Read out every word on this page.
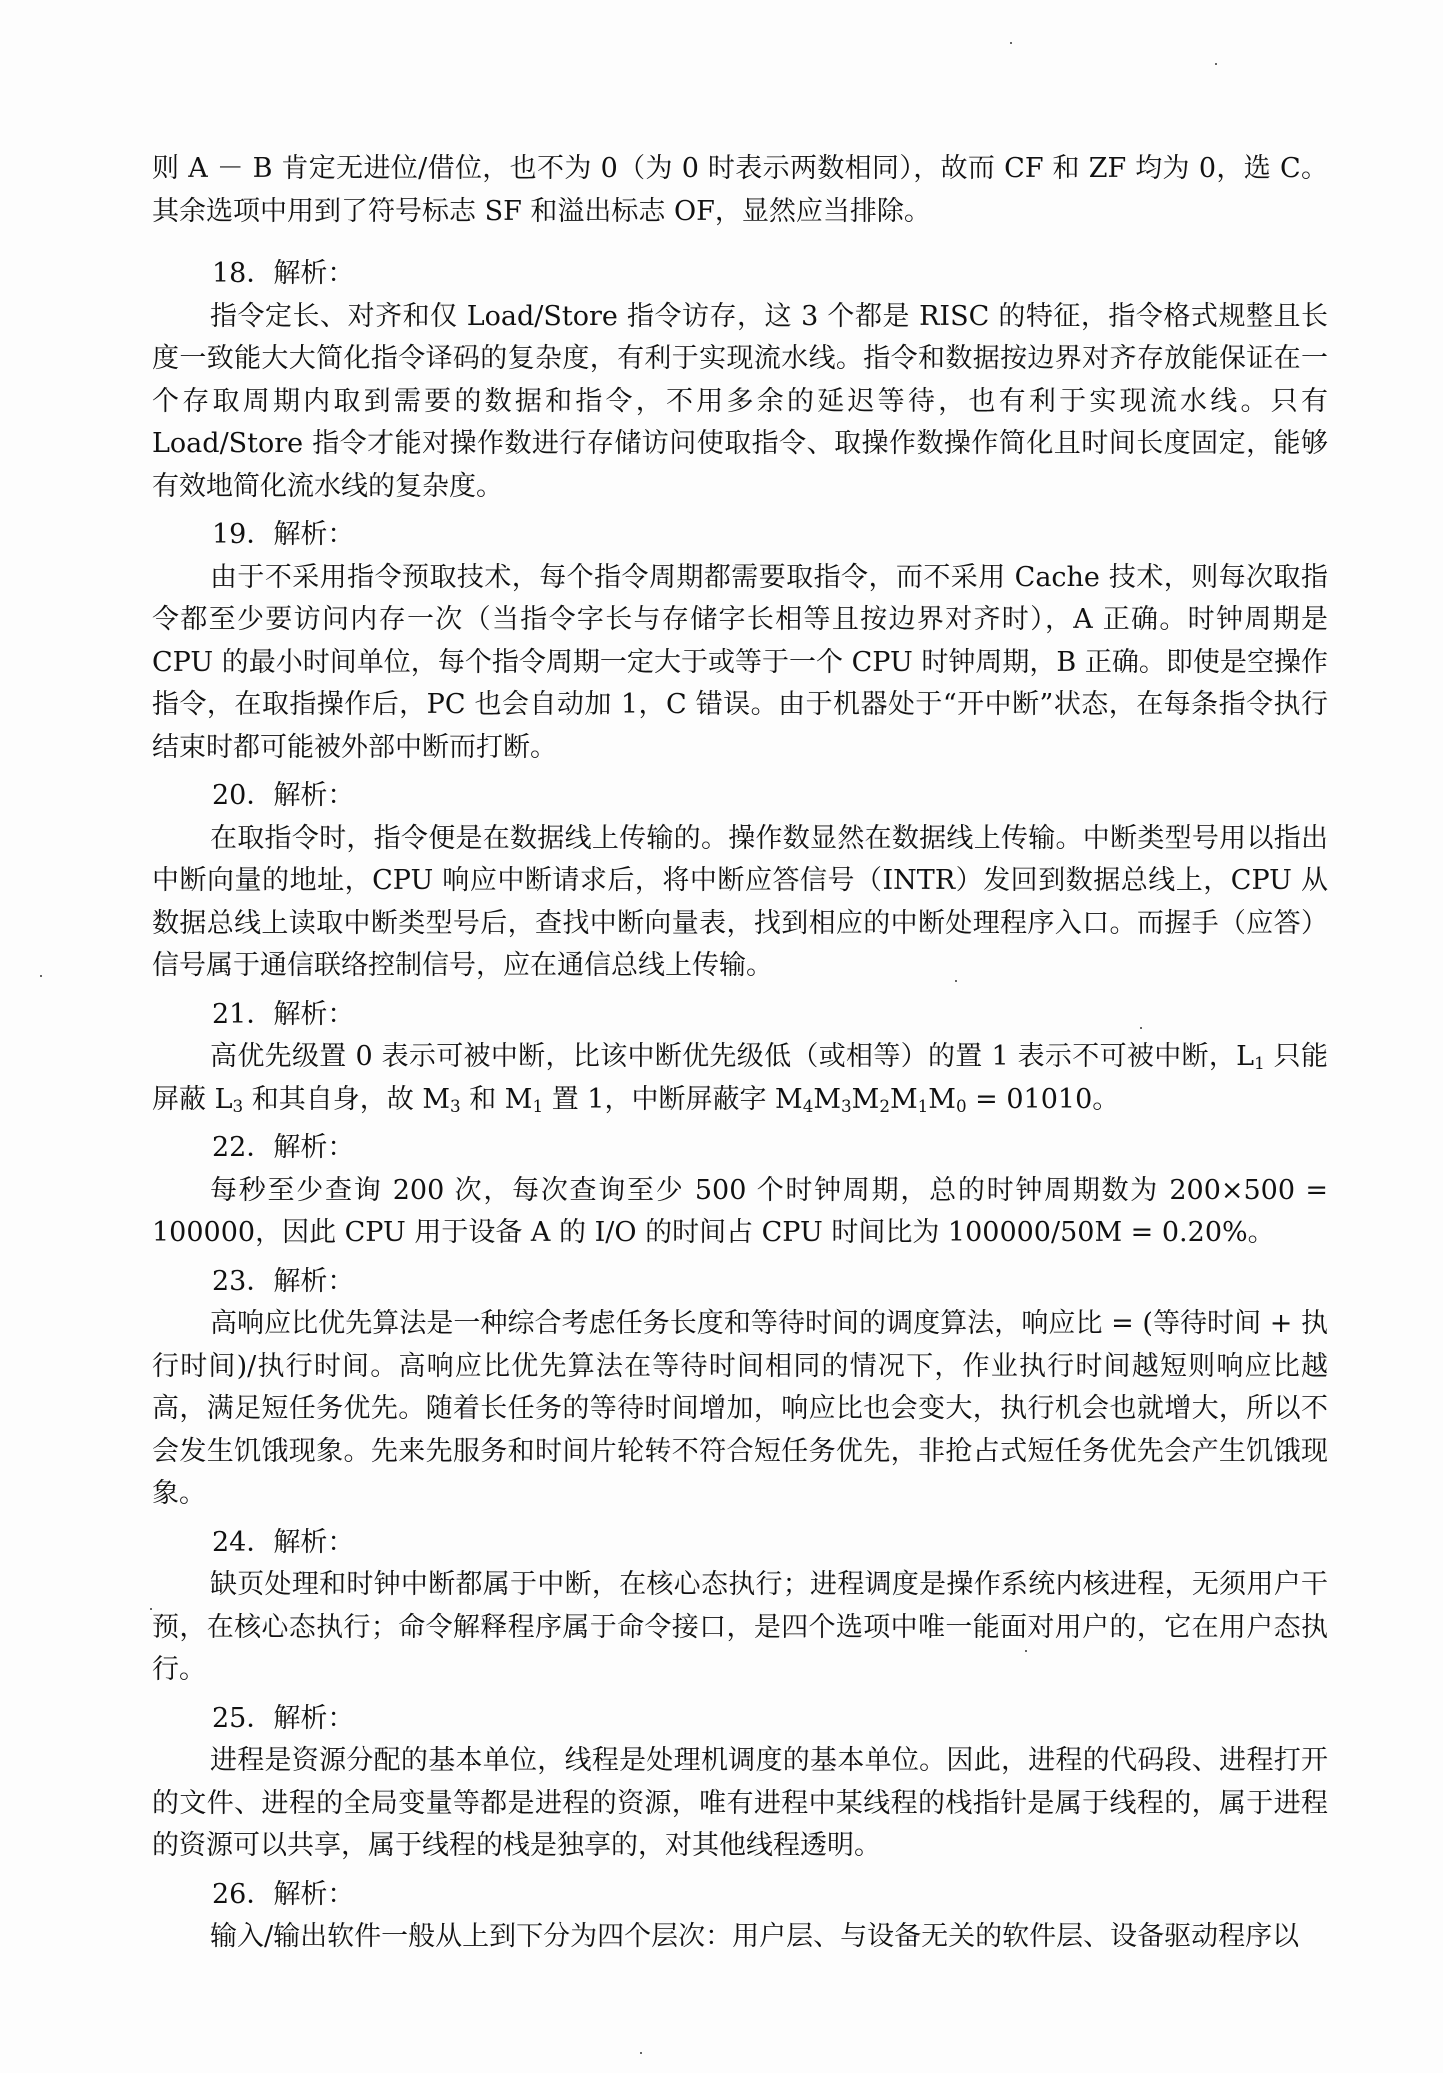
则 A － B 肯定无进位/借位，也不为 0（为 0 时表示两数相同），故而 CF 和 ZF 均为 0，选 C。其余选项中用到了符号标志 SF 和溢出标志 OF，显然应当排除。

18．解析：

指令定长、对齐和仅 Load/Store 指令访存，这 3 个都是 RISC 的特征，指令格式规整且长度一致能大大简化指令译码的复杂度，有利于实现流水线。指令和数据按边界对齐存放能保证在一个存取周期内取到需要的数据和指令，不用多余的延迟等待，也有利于实现流水线。只有 Load/Store 指令才能对操作数进行存储访问使取指令、取操作数操作简化且时间长度固定，能够有效地简化流水线的复杂度。

19．解析：

由于不采用指令预取技术，每个指令周期都需要取指令，而不采用 Cache 技术，则每次取指令都至少要访问内存一次（当指令字长与存储字长相等且按边界对齐时），A 正确。时钟周期是 CPU 的最小时间单位，每个指令周期一定大于或等于一个 CPU 时钟周期，B 正确。即使是空操作指令，在取指操作后，PC 也会自动加 1，C 错误。由于机器处于“开中断”状态，在每条指令执行结束时都可能被外部中断而打断。

20．解析：

在取指令时，指令便是在数据线上传输的。操作数显然在数据线上传输。中断类型号用以指出中断向量的地址，CPU 响应中断请求后，将中断应答信号（INTR）发回到数据总线上，CPU 从数据总线上读取中断类型号后，查找中断向量表，找到相应的中断处理程序入口。而握手（应答）信号属于通信联络控制信号，应在通信总线上传输。

21．解析：

高优先级置 0 表示可被中断，比该中断优先级低（或相等）的置 1 表示不可被中断，$L_1$ 只能屏蔽 $L_3$ 和其自身，故 $M_3$ 和 $M_1$ 置 1，中断屏蔽字 $M_4M_3M_2M_1M_0 = 01010$。

22．解析：

每秒至少查询 200 次，每次查询至少 500 个时钟周期，总的时钟周期数为 200×500 = 100000，因此 CPU 用于设备 A 的 I/O 的时间占 CPU 时间比为 100000/50M = 0.20%。

23．解析：

高响应比优先算法是一种综合考虑任务长度和等待时间的调度算法，响应比 = (等待时间 + 执行时间)/执行时间。高响应比优先算法在等待时间相同的情况下，作业执行时间越短则响应比越高，满足短任务优先。随着长任务的等待时间增加，响应比也会变大，执行机会也就增大，所以不会发生饥饿现象。先来先服务和时间片轮转不符合短任务优先，非抢占式短任务优先会产生饥饿现象。

24．解析：

缺页处理和时钟中断都属于中断，在核心态执行；进程调度是操作系统内核进程，无须用户干预，在核心态执行；命令解释程序属于命令接口，是四个选项中唯一能面对用户的，它在用户态执行。

25．解析：

进程是资源分配的基本单位，线程是处理机调度的基本单位。因此，进程的代码段、进程打开的文件、进程的全局变量等都是进程的资源，唯有进程中某线程的栈指针是属于线程的，属于进程的资源可以共享，属于线程的栈是独享的，对其他线程透明。

26．解析：

输入/输出软件一般从上到下分为四个层次：用户层、与设备无关的软件层、设备驱动程序以
